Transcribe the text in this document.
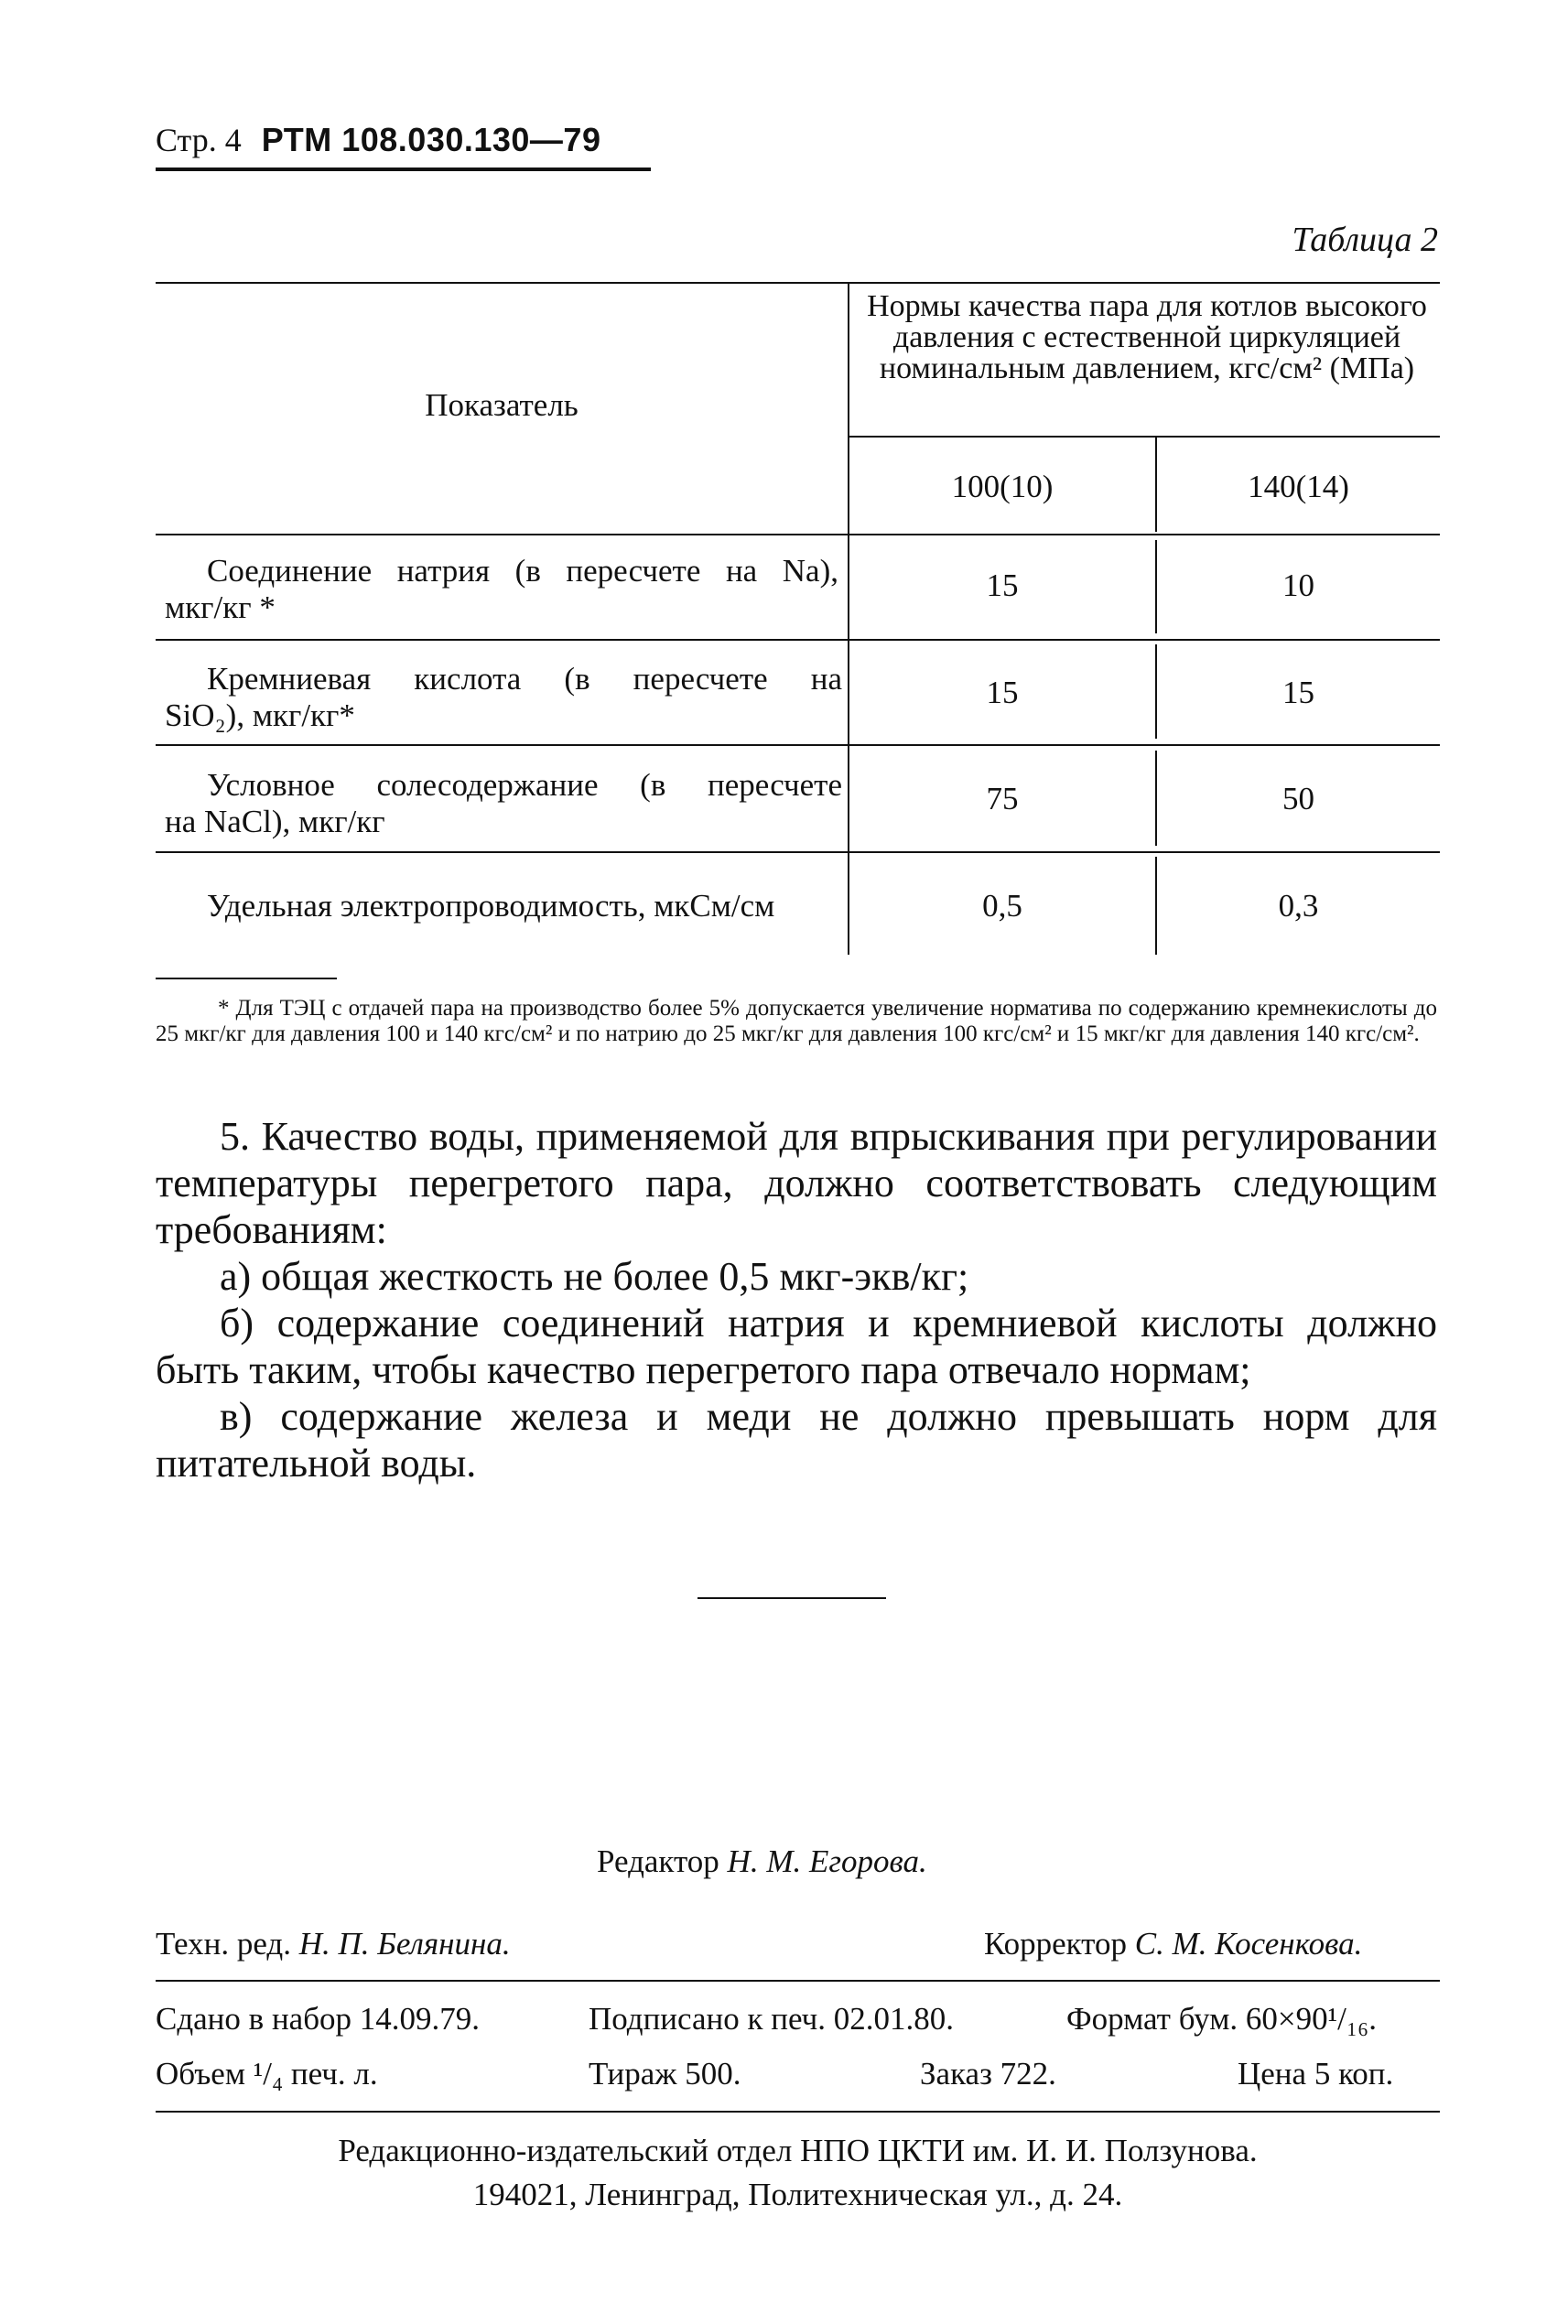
Стр. 4 РТМ 108.030.130—79
Таблица 2
Показатель
Нормы качества пара для котлов высокого давления с естественной циркуляцией номинальным давлением, кгс/см² (МПа)
100(10)	140(14)
Соединение натрия (в пересчете на Na),
мкг/кг *
15	10
Кремниевая кислота (в пересчете на
SiO₂), мкг/кг*
15	15
Условное солесодержание (в пересчете
на NaCl), мкг/кг
75	50
Удельная электропроводимость, мкСм/см	0,5	0,3
* Для ТЭЦ с отдачей пара на производство более 5% допускается увеличение норматива по содержанию кремнекислоты до 25 мкг/кг для давления 100 и 140 кгс/см² и по натрию до 25 мкг/кг для давления 100 кгс/см² и 15 мкг/кг для давления 140 кгс/см².

5. Качество воды, применяемой для впрыскивания при регулировании температуры перегретого пара, должно соответствовать следующим требованиям:

а) общая жесткость не более 0,5 мкг-экв/кг;

б) содержание соединений натрия и кремниевой кислоты должно быть таким, чтобы качество перегретого пара отвечало нормам;

в) содержание железа и меди не должно превышать норм для питательной воды.

Редактор Н. М. Егорова.
Техн. ред. Н. П. Белянина.	Корректор С. М. Косенкова.
Сдано в набор 14.09.79.	Подписано к печ. 02.01.80.	Формат бум. 60×90¹/₁₆.
Объем ¹/₄ печ. л.	Тираж 500.	Заказ 722.	Цена 5 коп.
Редакционно-издательский отдел НПО ЦКТИ им. И. И. Ползунова.
194021, Ленинград, Политехническая ул., д. 24.
